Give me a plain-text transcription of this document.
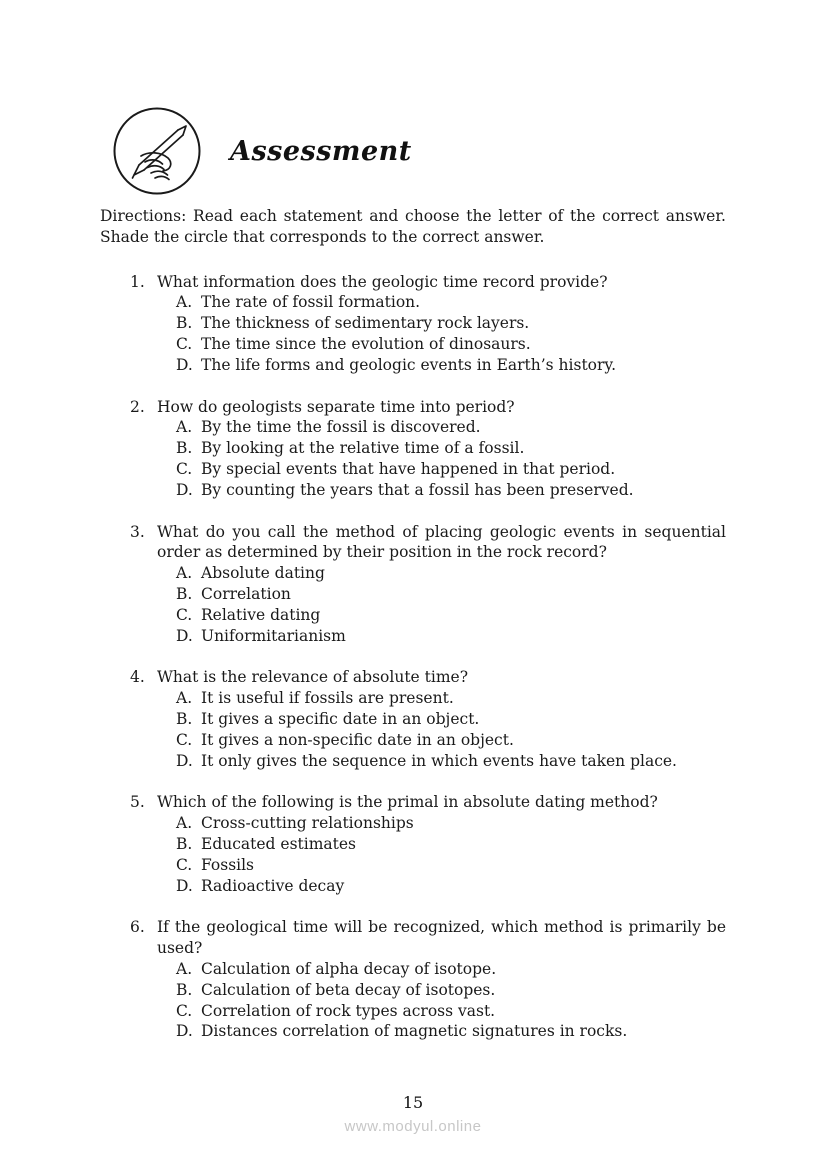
Assessment
Directions: Read each statement and choose the letter of the correct answer. Shade the circle that corresponds to the correct answer.
1. What information does the geologic time record provide?
A. The rate of fossil formation.
B. The thickness of sedimentary rock layers.
C. The time since the evolution of dinosaurs.
D. The life forms and geologic events in Earth’s history.
2. How do geologists separate time into period?
A. By the time the fossil is discovered.
B. By looking at the relative time of a fossil.
C. By special events that have happened in that period.
D. By counting the years that a fossil has been preserved.
3. What do you call the method of placing geologic events in sequential order as determined by their position in the rock record?
A. Absolute dating
B. Correlation
C. Relative dating
D. Uniformitarianism
4. What is the relevance of absolute time?
A. It is useful if fossils are present.
B. It gives a specific date in an object.
C. It gives a non-specific date in an object.
D. It only gives the sequence in which events have taken place.
5. Which of the following is the primal in absolute dating method?
A. Cross-cutting relationships
B. Educated estimates
C. Fossils
D. Radioactive decay
6. If the geological time will be recognized, which method is primarily be used?
A. Calculation of alpha decay of isotope.
B. Calculation of beta decay of isotopes.
C. Correlation of rock types across vast.
D. Distances correlation of magnetic signatures in rocks.
15
www.modyul.online
